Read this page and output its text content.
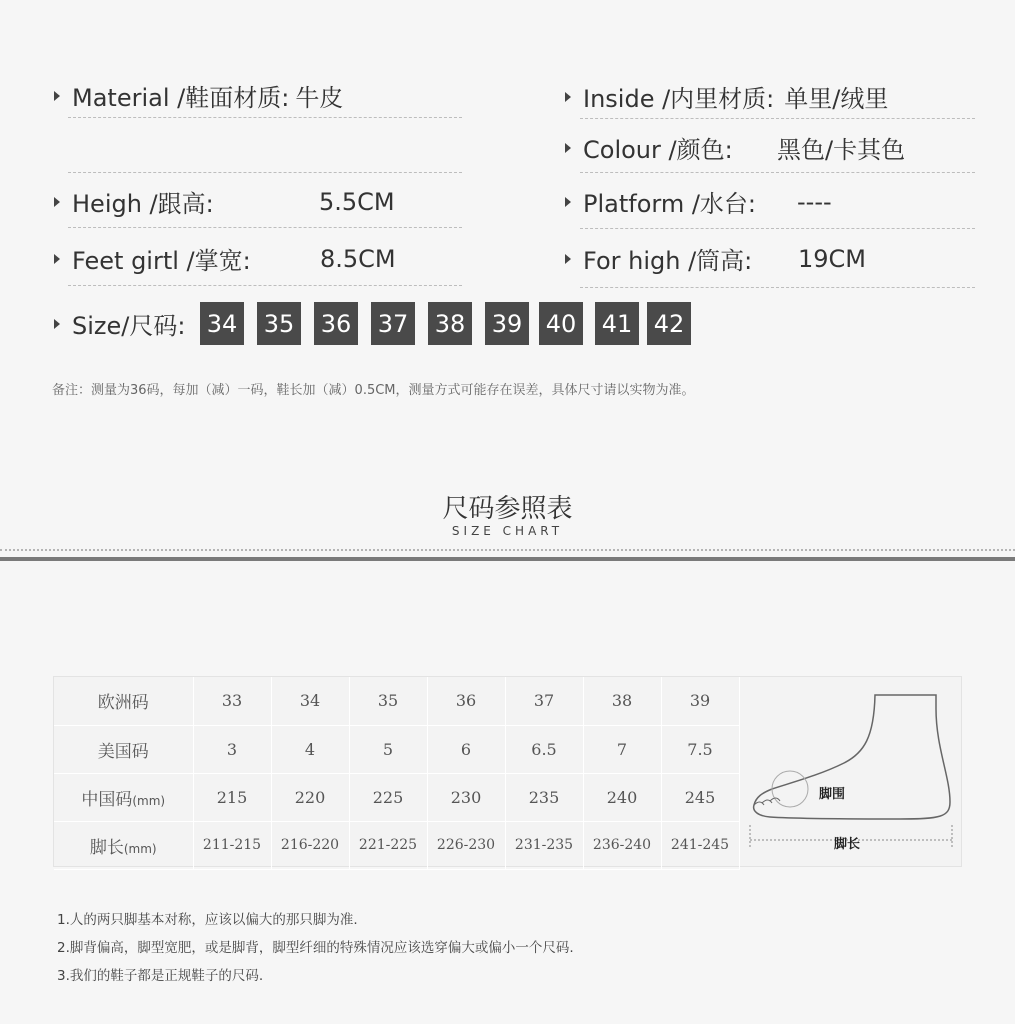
Material /鞋面材质: 牛皮
Heigh /跟高:	5.5CM
Feet girtl /掌宽:	8.5CM
Inside /内里材质: 单里/绒里
Colour /颜色: 黑色/卡其色
Platform /水台: ----
For high /筒高: 19CM
Size/尺码: 34 35 36 37 38 39 40 41 42
备注：测量为36码，每加（减）一码，鞋长加（减）0.5CM，测量方式可能存在误差，具体尺寸请以实物为准。
尺码参照表
SIZE CHART
欧洲码	33	34	35	36	37	38	39
美国码	3	4	5	6	6.5	7	7.5
中国码(mm)	215	220	225	230	235	240	245
脚长(mm)	211-215	216-220	221-225	226-230	231-235	236-240	241-245
脚围
脚长
1.人的两只脚基本对称，应该以偏大的那只脚为准.
2.脚背偏高，脚型宽肥，或是脚背，脚型纤细的特殊情况应该选穿偏大或偏小一个尺码.
3.我们的鞋子都是正规鞋子的尺码.
